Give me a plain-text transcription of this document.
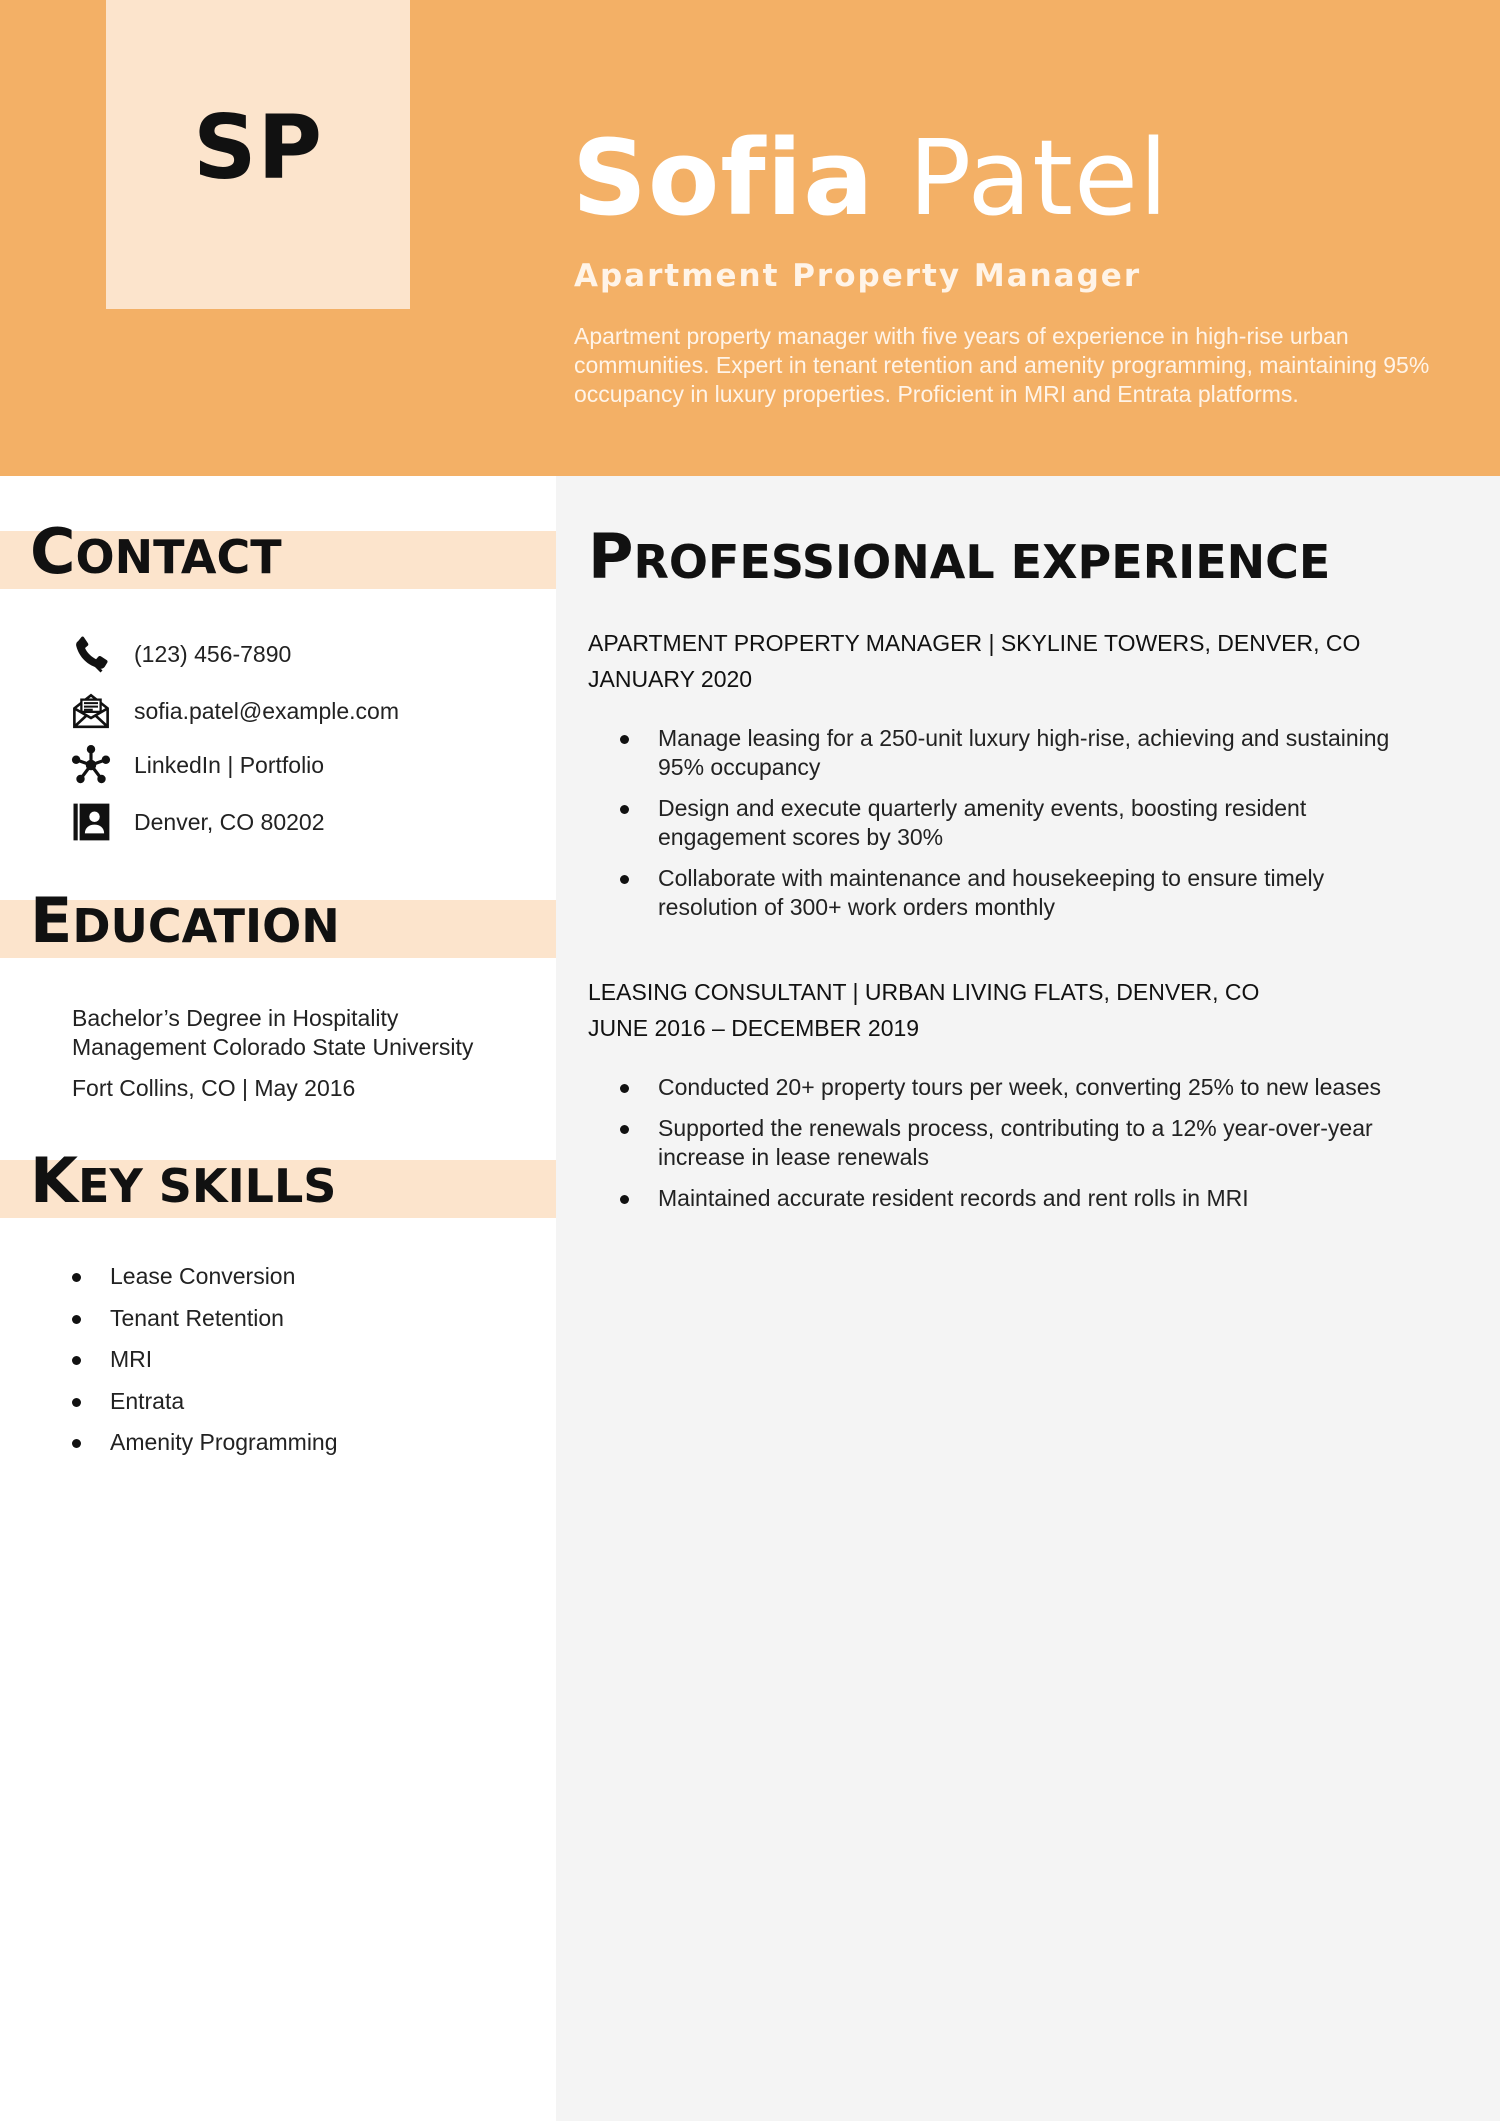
SP Sofia Patel
Apartment Property Manager
Apartment property manager with five years of experience in high-rise urban communities. Expert in tenant retention and amenity programming, maintaining 95% occupancy in luxury properties. Proficient in MRI and Entrata platforms.
CONTACT
(123) 456-7890
sofia.patel@example.com
LinkedIn | Portfolio
Denver, CO 80202
EDUCATION
Bachelor’s Degree in Hospitality
Management Colorado State University
Fort Collins, CO | May 2016
KEY SKILLS
Lease Conversion
Tenant Retention
MRI
Entrata
Amenity Programming
PROFESSIONAL EXPERIENCE
APARTMENT PROPERTY MANAGER | SKYLINE TOWERS, DENVER, CO
JANUARY 2020
Manage leasing for a 250-unit luxury high-rise, achieving and sustaining 95% occupancy
Design and execute quarterly amenity events, boosting resident engagement scores by 30%
Collaborate with maintenance and housekeeping to ensure timely resolution of 300+ work orders monthly
LEASING CONSULTANT | URBAN LIVING FLATS, DENVER, CO
JUNE 2016 – DECEMBER 2019
Conducted 20+ property tours per week, converting 25% to new leases
Supported the renewals process, contributing to a 12% year-over-year increase in lease renewals
Maintained accurate resident records and rent rolls in MRI
